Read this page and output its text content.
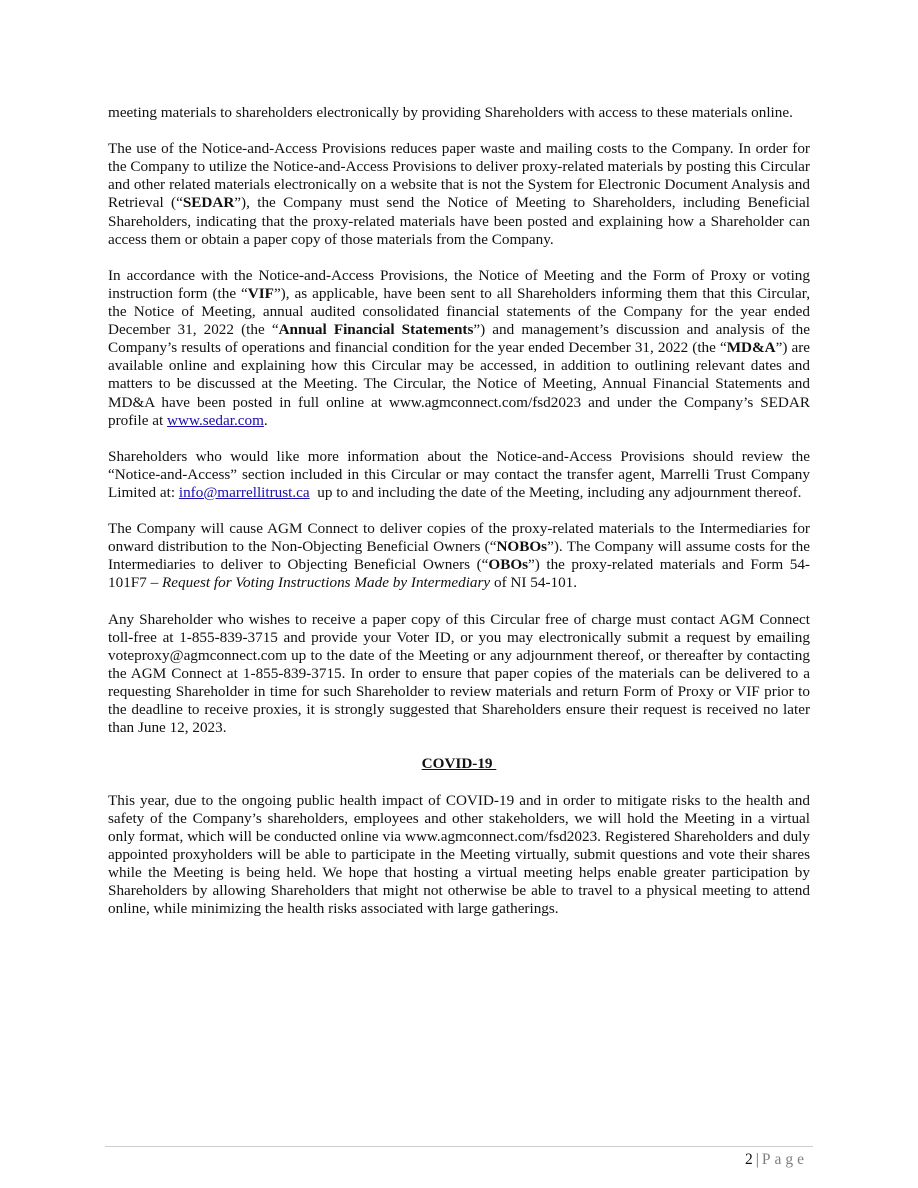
meeting materials to shareholders electronically by providing Shareholders with access to these materials online.

The use of the Notice-and-Access Provisions reduces paper waste and mailing costs to the Company. In order for the Company to utilize the Notice-and-Access Provisions to deliver proxy-related materials by posting this Circular and other related materials electronically on a website that is not the System for Electronic Document Analysis and Retrieval (“SEDAR”), the Company must send the Notice of Meeting to Shareholders, including Beneficial Shareholders, indicating that the proxy-related materials have been posted and explaining how a Shareholder can access them or obtain a paper copy of those materials from the Company.

In accordance with the Notice-and-Access Provisions, the Notice of Meeting and the Form of Proxy or voting instruction form (the “VIF”), as applicable, have been sent to all Shareholders informing them that this Circular, the Notice of Meeting, annual audited consolidated financial statements of the Company for the year ended December 31, 2022 (the “Annual Financial Statements”) and management’s discussion and analysis of the Company’s results of operations and financial condition for the year ended December 31, 2022 (the “MD&A”) are available online and explaining how this Circular may be accessed, in addition to outlining relevant dates and matters to be discussed at the Meeting. The Circular, the Notice of Meeting, Annual Financial Statements and MD&A have been posted in full online at www.agmconnect.com/fsd2023 and under the Company’s SEDAR profile at www.sedar.com.

Shareholders who would like more information about the Notice-and-Access Provisions should review the “Notice-and-Access” section included in this Circular or may contact the transfer agent, Marrelli Trust Company Limited at: info@marrellitrust.ca  up to and including the date of the Meeting, including any adjournment thereof.

The Company will cause AGM Connect to deliver copies of the proxy-related materials to the Intermediaries for onward distribution to the Non-Objecting Beneficial Owners (“NOBOs”). The Company will assume costs for the Intermediaries to deliver to Objecting Beneficial Owners (“OBOs”) the proxy-related materials and Form 54-101F7 – Request for Voting Instructions Made by Intermediary of NI 54-101.

Any Shareholder who wishes to receive a paper copy of this Circular free of charge must contact AGM Connect toll-free at 1-855-839-3715 and provide your Voter ID, or you may electronically submit a request by emailing voteproxy@agmconnect.com up to the date of the Meeting or any adjournment thereof, or thereafter by contacting the AGM Connect at 1-855-839-3715. In order to ensure that paper copies of the materials can be delivered to a requesting Shareholder in time for such Shareholder to review materials and return Form of Proxy or VIF prior to the deadline to receive proxies, it is strongly suggested that Shareholders ensure their request is received no later than June 12, 2023.

COVID-19

This year, due to the ongoing public health impact of COVID-19 and in order to mitigate risks to the health and safety of the Company’s shareholders, employees and other stakeholders, we will hold the Meeting in a virtual only format, which will be conducted online via www.agmconnect.com/fsd2023. Registered Shareholders and duly appointed proxyholders will be able to participate in the Meeting virtually, submit questions and vote their shares while the Meeting is being held. We hope that hosting a virtual meeting helps enable greater participation by Shareholders by allowing Shareholders that might not otherwise be able to travel to a physical meeting to attend online, while minimizing the health risks associated with large gatherings.

2 | Page
